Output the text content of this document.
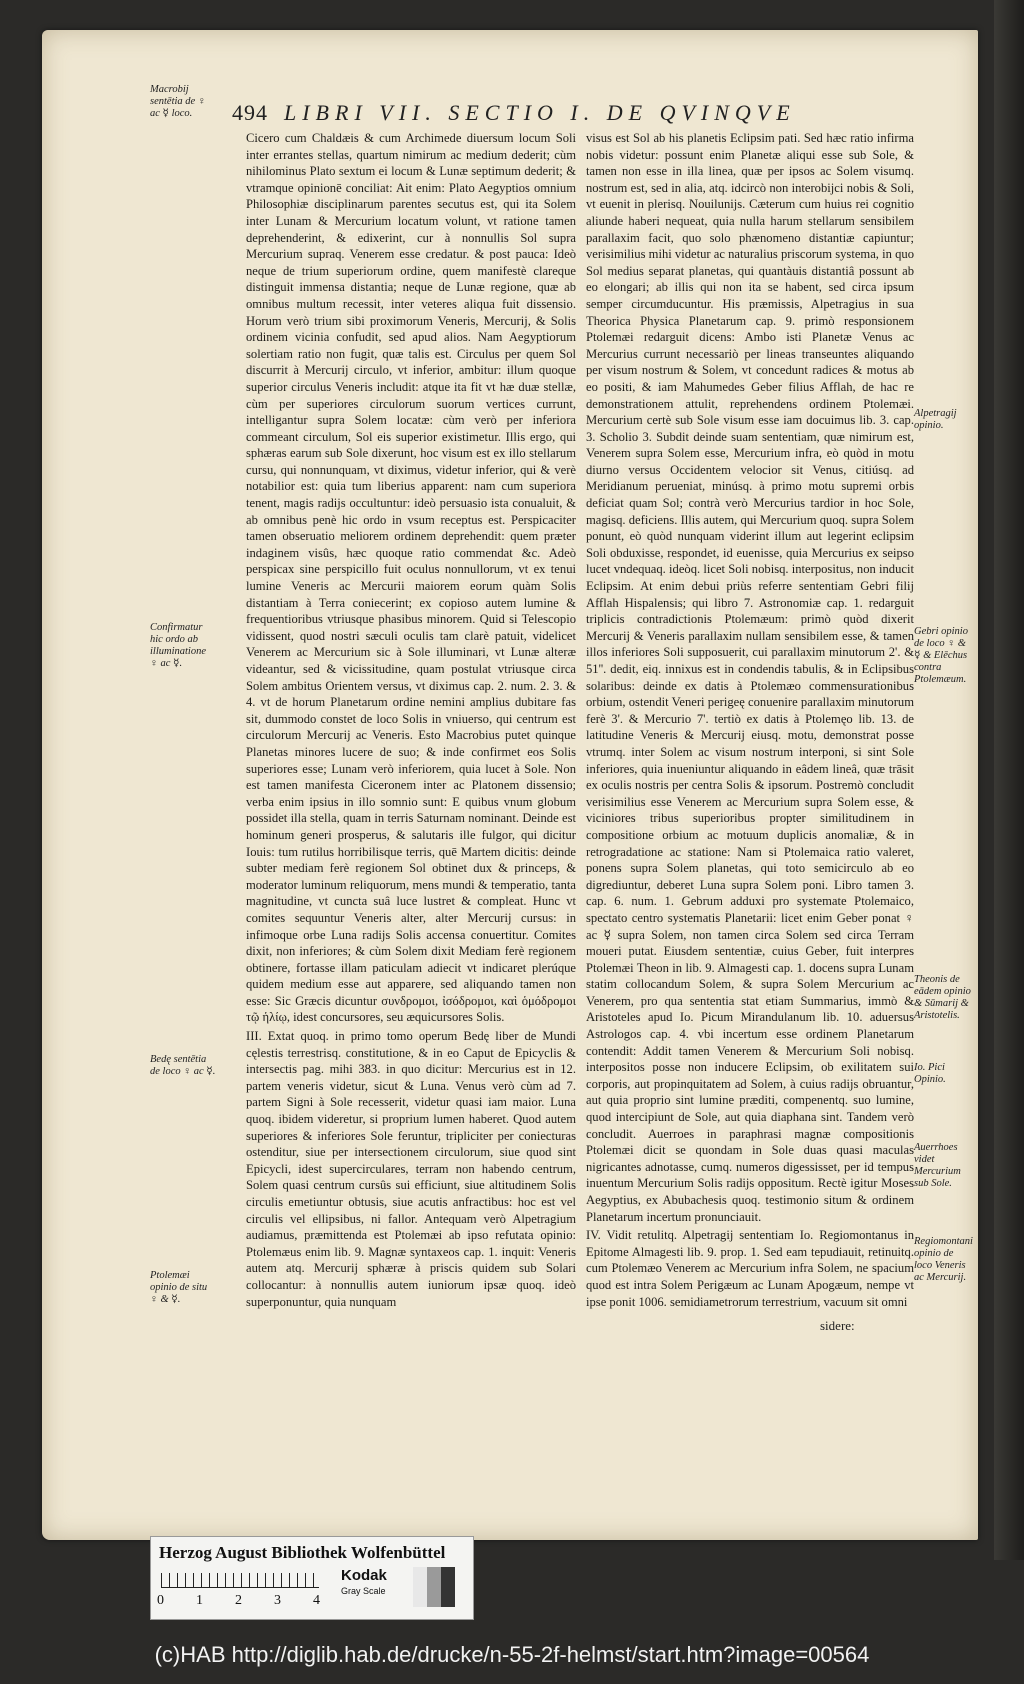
494 LIBRI VII. SECTIO I. DE QVINQVE

Cicero cum Chaldæis & cum Archimede diuersum locum Soli inter errantes stellas, quartum nimirum ac medium dederit; cùm nihilominus Plato sextum ei locum & Lunæ septimum dederit; & vtramque opinionē conciliat: Ait enim: Plato Aegyptios omnium Philosophiæ disciplinarum parentes secutus est, qui ita Solem inter Lunam & Mercurium locatum volunt, vt ratione tamen deprehenderint, & edixerint, cur à nonnullis Sol supra Mercurium supraq. Venerem esse credatur. & post pauca: Ideò neque de trium superiorum ordine, quem manifestè clareque distinguit immensa distantia; neque de Lunæ regione, quæ ab omnibus multum recessit, inter veteres aliqua fuit dissensio. Horum verò trium sibi proximorum Veneris, Mercurij, & Solis ordinem vicinia confudit, sed apud alios. Nam Aegyptiorum solertiam ratio non fugit, quæ talis est. Circulus per quem Sol discurrit à Mercurij circulo, vt inferior, ambitur: illum quoque superior circulus Veneris includit: atque ita fit vt hæ duæ stellæ, cùm per superiores circulorum suorum vertices currunt, intelligantur supra Solem locatæ: cùm verò per inferiora commeant circulum, Sol eis superior existimetur. Illis ergo, qui sphæras earum sub Sole dixerunt, hoc visum est ex illo stellarum cursu, qui nonnunquam, vt diximus, videtur inferior, qui & verè notabilior est: quia tum liberius apparent: nam cum superiora tenent, magis radijs occultuntur: ideò persuasio ista conualuit, & ab omnibus penè hic ordo in vsum receptus est. Perspicaciter tamen obseruatio meliorem ordinem deprehendit: quem præter indaginem visûs, hæc quoque ratio commendat &c. Adeò perspicax sine perspicillo fuit oculus nonnullorum, vt ex tenui lumine Veneris ac Mercurii maiorem eorum quàm Solis distantiam à Terra coniecerint; ex copioso autem lumine & frequentioribus vtriusque phasibus minorem. Quid si Telescopio vidissent, quod nostri sæculi oculis tam clarè patuit, videlicet Venerem ac Mercurium sic à Sole illuminari, vt Lunæ alteræ videantur, sed & vicissitudine, quam postulat vtriusque circa Solem ambitus Orientem versus, vt diximus cap. 2. num. 2. 3. & 4. vt de horum Planetarum ordine nemini amplius dubitare fas sit, dummodo constet de loco Solis in vniuerso, qui centrum est circulorum Mercurij ac Veneris. Esto Macrobius putet quinque Planetas minores lucere de suo; & inde confirmet eos Solis superiores esse; Lunam verò inferiorem, quia lucet à Sole. Non est tamen manifesta Ciceronem inter ac Platonem dissensio; verba enim ipsius in illo somnio sunt: E quibus vnum globum possidet illa stella, quam in terris Saturnam nominant. Deinde est hominum generi prosperus, & salutaris ille fulgor, qui dicitur Iouis: tum rutilus horribilisque terris, quē Martem dicitis: deinde subter mediam ferè regionem Sol obtinet dux & princeps, & moderator luminum reliquorum, mens mundi & temperatio, tanta magnitudine, vt cuncta suâ luce lustret & compleat. Hunc vt comites sequuntur Veneris alter, alter Mercurij cursus: in infimoque orbe Luna radijs Solis accensa conuertitur. Comites dixit, non inferiores; & cùm Solem dixit Mediam ferè regionem obtinere, fortasse illam paticulam adiecit vt indicaret plerúque quidem medium esse aut apparere, sed aliquando tamen non esse: Sic Græcis dicuntur συνδρομοι, ἰσόδρομοι, καὶ ὁμόδρομοι τῷ ἡλίῳ, idest concursores, seu æquicursores Solis.

III. Extat quoq. in primo tomo operum Bedę liber de Mundi cęlestis terrestrisq. constitutione, & in eo Caput de Epicyclis & intersectis pag. mihi 383. in quo dicitur: Mercurius est in 12. partem veneris videtur, sicut & Luna. Venus verò cùm ad 7. partem Signi à Sole recesserit, videtur quasi iam maior. Luna quoq. ibidem videretur, si proprium lumen haberet. Quod autem superiores & inferiores Sole feruntur, tripliciter per coniecturas ostenditur, siue per intersectionem circulorum, siue quod sint Epicycli, idest supercirculares, terram non habendo centrum, Solem quasi centrum cursûs sui efficiunt, siue altitudinem Solis circulis emetiuntur obtusis, siue acutis anfractibus: hoc est vel circulis vel ellipsibus, ni fallor. Antequam verò Alpetragium audiamus, præmittenda est Ptolemæi ab ipso refutata opinio: Ptolemæus enim lib. 9. Magnæ syntaxeos cap. 1. inquit: Veneris autem atq. Mercurij sphæræ à priscis quidem sub Solari collocantur: à nonnullis autem iuniorum ipsæ quoq. ideò superponuntur, quia nunquam

visus est Sol ab his planetis Eclipsim pati. Sed hæc ratio infirma nobis videtur: possunt enim Planetæ aliqui esse sub Sole, & tamen non esse in illa linea, quæ per ipsos ac Solem visumq. nostrum est, sed in alia, atq. idcircò non interobijci nobis & Soli, vt euenit in plerisq. Nouilunijs. Cæterum cum huius rei cognitio aliunde haberi nequeat, quia nulla harum stellarum sensibilem parallaxim facit, quo solo phænomeno distantiæ capiuntur; verisimilius mihi videtur ac naturalius priscorum systema, in quo Sol medius separat planetas, qui quantàuis distantiâ possunt ab eo elongari; ab illis qui non ita se habent, sed circa ipsum semper circumducuntur. His præmissis, Alpetragius in sua Theorica Physica Planetarum cap. 9. primò responsionem Ptolemæi redarguit dicens: Ambo isti Planetæ Venus ac Mercurius currunt necessariò per lineas transeuntes aliquando per visum nostrum & Solem, vt concedunt radices & motus ab eo positi, & iam Mahumedes Geber filius Afflah, de hac re demonstrationem attulit, reprehendens ordinem Ptolemæi. Mercurium certè sub Sole visum esse iam docuimus lib. 3. cap. 3. Scholio 3. Subdit deinde suam sententiam, quæ nimirum est, Venerem supra Solem esse, Mercurium infra, eò quòd in motu diurno versus Occidentem velocior sit Venus, citiúsq. ad Meridianum perueniat, minúsq. à primo motu supremi orbis deficiat quam Sol; contrà verò Mercurius tardior in hoc Sole, magisq. deficiens. Illis autem, qui Mercurium quoq. supra Solem ponunt, eò quòd nunquam viderint illum aut legerint eclipsim Soli obduxisse, respondet, id euenisse, quia Mercurius ex seipso lucet vndequaq. ideòq. licet Soli nobisq. interpositus, non inducit Eclipsim. At enim debui priùs referre sententiam Gebri filij Afflah Hispalensis; qui libro 7. Astronomiæ cap. 1. redarguit triplicis contradictionis Ptolemæum: primò quòd dixerit Mercurij & Veneris parallaxim nullam sensibilem esse, & tamen illos inferiores Soli supposuerit, cui parallaxim minutorum 2'. & 51''. dedit, eiq. innixus est in condendis tabulis, & in Eclipsibus solaribus: deinde ex datis à Ptolemæo commensurationibus orbium, ostendit Veneri perigeę conuenire parallaxim minutorum ferè 3'. & Mercurio 7'. tertiò ex datis à Ptolemęo lib. 13. de latitudine Veneris & Mercurij eiusq. motu, demonstrat posse vtrumq. inter Solem ac visum nostrum interponi, si sint Sole inferiores, quia inueniuntur aliquando in eâdem lineâ, quæ trāsit ex oculis nostris per centra Solis & ipsorum. Postremò concludit verisimilius esse Venerem ac Mercurium supra Solem esse, & viciniores tribus superioribus propter similitudinem in compositione orbium ac motuum duplicis anomaliæ, & in retrogradatione ac statione: Nam si Ptolemaica ratio valeret, ponens supra Solem planetas, qui toto semicirculo ab eo digrediuntur, deberet Luna supra Solem poni. Libro tamen 3. cap. 6. num. 1. Gebrum adduxi pro systemate Ptolemaico, spectato centro systematis Planetarii: licet enim Geber ponat ♀ ac ☿ supra Solem, non tamen circa Solem sed circa Terram moueri putat. Eiusdem sententiæ, cuius Geber, fuit interpres Ptolemæi Theon in lib. 9. Almagesti cap. 1. docens supra Lunam statim collocandum Solem, & supra Solem Mercurium ac Venerem, pro qua sententia stat etiam Summarius, immò & Aristoteles apud Io. Picum Mirandulanum lib. 10. aduersus Astrologos cap. 4. vbi incertum esse ordinem Planetarum contendit: Addit tamen Venerem & Mercurium Soli nobisq. interpositos posse non inducere Eclipsim, ob exilitatem sui corporis, aut propinquitatem ad Solem, à cuius radijs obruantur, aut quia proprio sint lumine præditi, compenentq. suo lumine, quod intercipiunt de Sole, aut quia diaphana sint. Tandem verò concludit. Auerroes in paraphrasi magnæ compositionis Ptolemæi dicit se quondam in Sole duas quasi maculas nigricantes adnotasse, cumq. numeros digessisset, per id tempus inuentum Mercurium Solis radijs oppositum. Rectè igitur Moses Aegyptius, ex Abubachesis quoq. testimonio situm & ordinem Planetarum incertum pronunciauit.

IV. Vidit retulitq. Alpetragij sententiam Io. Regiomontanus in Epitome Almagesti lib. 9. prop. 1. Sed eam tepudiauit, retinuitq. cum Ptolemæo Venerem ac Mercurium infra Solem, ne spacium quod est intra Solem Perigæum ac Lunam Apogæum, nempe vt ipse ponit 1006. semidiametrorum terrestrium, vacuum sit omni

Macrobij sentētia de ♀ ac ☿ loco.
Confirmatur hic ordo ab illuminatione ♀ ac ☿.
Bedę sentētia de loco ♀ ac ☿.
Ptolemæi opinio de situ ♀ & ☿.
Alpetragij opinio.
Gebri opinio de loco ♀ & ☿ & Elēchus contra Ptolemæum.
Theonis de eādem opinio & Sūmarij & Aristotelis.
Io. Pici Opinio.
Auerrhoes videt Mercurium sub Sole.
Regiomontani opinio de loco Veneris ac Mercurij.
sidere:
Herzog August Bibliothek Wolfenbüttel
0 1 2 3 4
Kodak
Gray Scale
(c)HAB http://diglib.hab.de/drucke/n-55-2f-helmst/start.htm?image=00564
